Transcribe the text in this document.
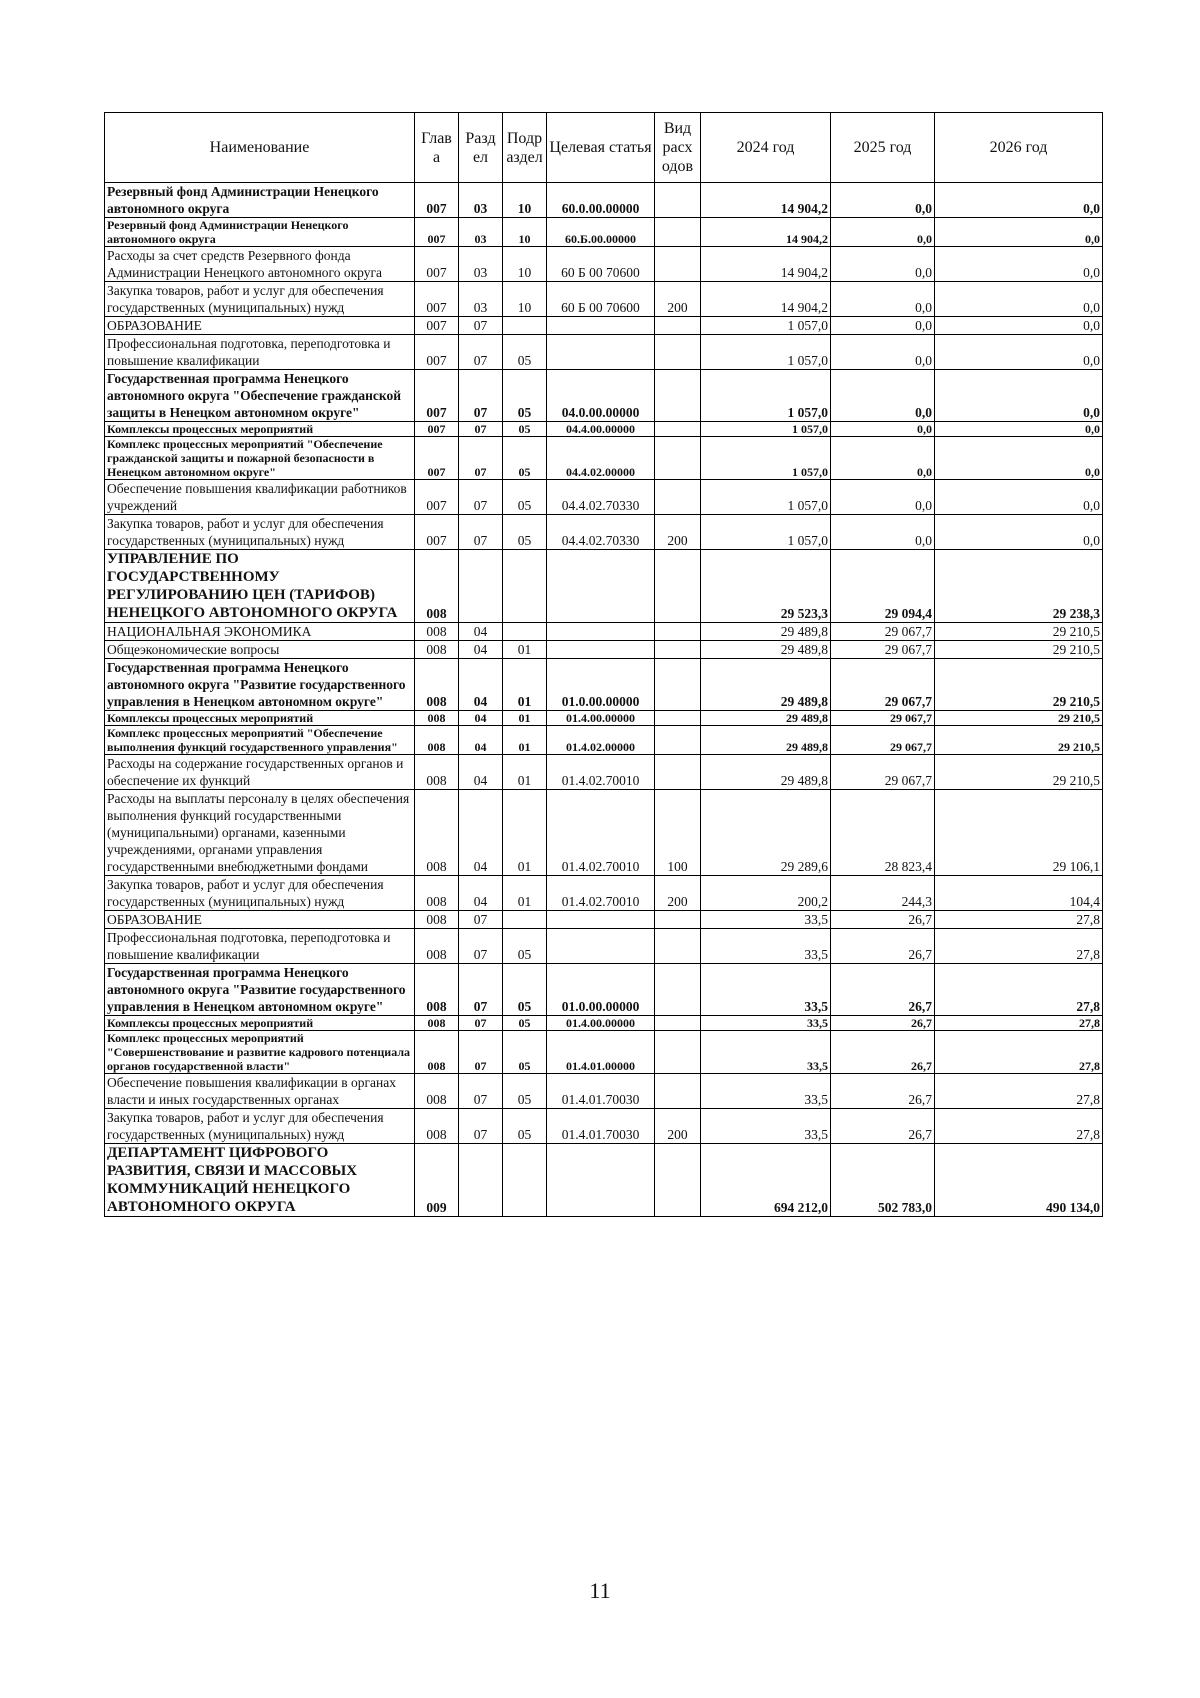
Наименование	Глав а	Разд ел	Подр аздел	Целевая статья	Вид расх одов	2024 год	2025 год	2026 год
Резервный фонд Администрации Ненецкого автономного округа	007	03	10	60.0.00.00000		14 904,2	0,0	0,0
Резервный фонд Администрации Ненецкого автономного округа	007	03	10	60.Б.00.00000		14 904,2	0,0	0,0
Расходы за счет средств Резервного фонда Администрации Ненецкого автономного округа	007	03	10	60 Б 00 70600		14 904,2	0,0	0,0
Закупка товаров, работ и услуг для обеспечения государственных (муниципальных) нужд	007	03	10	60 Б 00 70600	200	14 904,2	0,0	0,0
ОБРАЗОВАНИЕ	007	07				1 057,0	0,0	0,0
Профессиональная подготовка, переподготовка и повышение квалификации	007	07	05			1 057,0	0,0	0,0
Государственная программа Ненецкого автономного округа "Обеспечение гражданской защиты в Ненецком автономном округе"	007	07	05	04.0.00.00000		1 057,0	0,0	0,0
Комплексы процессных мероприятий	007	07	05	04.4.00.00000		1 057,0	0,0	0,0
Комплекс процессных мероприятий "Обеспечение гражданской защиты и пожарной безопасности в Ненецком автономном округе"	007	07	05	04.4.02.00000		1 057,0	0,0	0,0
Обеспечение повышения квалификации работников учреждений	007	07	05	04.4.02.70330		1 057,0	0,0	0,0
Закупка товаров, работ и услуг для обеспечения государственных (муниципальных) нужд	007	07	05	04.4.02.70330	200	1 057,0	0,0	0,0
УПРАВЛЕНИЕ ПО ГОСУДАРСТВЕННОМУ РЕГУЛИРОВАНИЮ ЦЕН (ТАРИФОВ) НЕНЕЦКОГО АВТОНОМНОГО ОКРУГА	008					29 523,3	29 094,4	29 238,3
НАЦИОНАЛЬНАЯ ЭКОНОМИКА	008	04				29 489,8	29 067,7	29 210,5
Общеэкономические вопросы	008	04	01			29 489,8	29 067,7	29 210,5
Государственная программа Ненецкого автономного округа "Развитие государственного управления в Ненецком автономном округе"	008	04	01	01.0.00.00000		29 489,8	29 067,7	29 210,5
Комплексы процессных мероприятий	008	04	01	01.4.00.00000		29 489,8	29 067,7	29 210,5
Комплекс процессных мероприятий "Обеспечение выполнения функций государственного управления"	008	04	01	01.4.02.00000		29 489,8	29 067,7	29 210,5
Расходы на содержание государственных органов и обеспечение их функций	008	04	01	01.4.02.70010		29 489,8	29 067,7	29 210,5
Расходы на выплаты персоналу в целях обеспечения выполнения функций государственными (муниципальными) органами, казенными учреждениями, органами управления государственными внебюджетными фондами	008	04	01	01.4.02.70010	100	29 289,6	28 823,4	29 106,1
Закупка товаров, работ и услуг для обеспечения государственных (муниципальных) нужд	008	04	01	01.4.02.70010	200	200,2	244,3	104,4
ОБРАЗОВАНИЕ	008	07				33,5	26,7	27,8
Профессиональная подготовка, переподготовка и повышение квалификации	008	07	05			33,5	26,7	27,8
Государственная программа Ненецкого автономного округа "Развитие государственного управления в Ненецком автономном округе"	008	07	05	01.0.00.00000		33,5	26,7	27,8
Комплексы процессных мероприятий	008	07	05	01.4.00.00000		33,5	26,7	27,8
Комплекс процессных мероприятий "Совершенствование и развитие кадрового потенциала органов государственной власти"	008	07	05	01.4.01.00000		33,5	26,7	27,8
Обеспечение повышения квалификации в органах власти и иных государственных органах	008	07	05	01.4.01.70030		33,5	26,7	27,8
Закупка товаров, работ и услуг для обеспечения государственных (муниципальных) нужд	008	07	05	01.4.01.70030	200	33,5	26,7	27,8
ДЕПАРТАМЕНТ ЦИФРОВОГО РАЗВИТИЯ, СВЯЗИ И МАССОВЫХ КОММУНИКАЦИЙ НЕНЕЦКОГО АВТОНОМНОГО ОКРУГА	009					694 212,0	502 783,0	490 134,0
11
